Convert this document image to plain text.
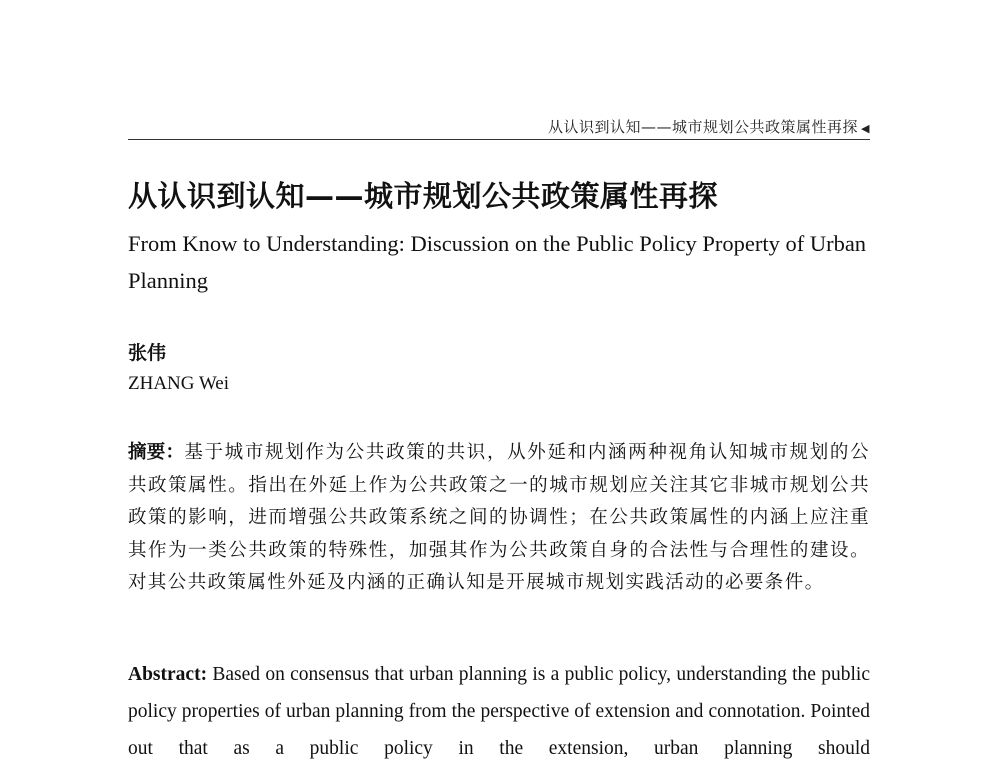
从认识到认知——城市规划公共政策属性再探 ◀
从认识到认知——城市规划公共政策属性再探
From Know to Understanding: Discussion on the Public Policy Property of Urban Planning
张伟
ZHANG Wei

摘要：基于城市规划作为公共政策的共识，从外延和内涵两种视角认知城市规划的公共政策属性。指出在外延上作为公共政策之一的城市规划应关注其它非城市规划公共政策的影响，进而增强公共政策系统之间的协调性；在公共政策属性的内涵上应注重其作为一类公共政策的特殊性，加强其作为公共政策自身的合法性与合理性的建设。对其公共政策属性外延及内涵的正确认知是开展城市规划实践活动的必要条件。

Abstract: Based on consensus that urban planning is a public policy, understanding the public policy properties of urban planning from the perspective of extension and connotation. Pointed out that as a public policy in the extension, urban planning should
